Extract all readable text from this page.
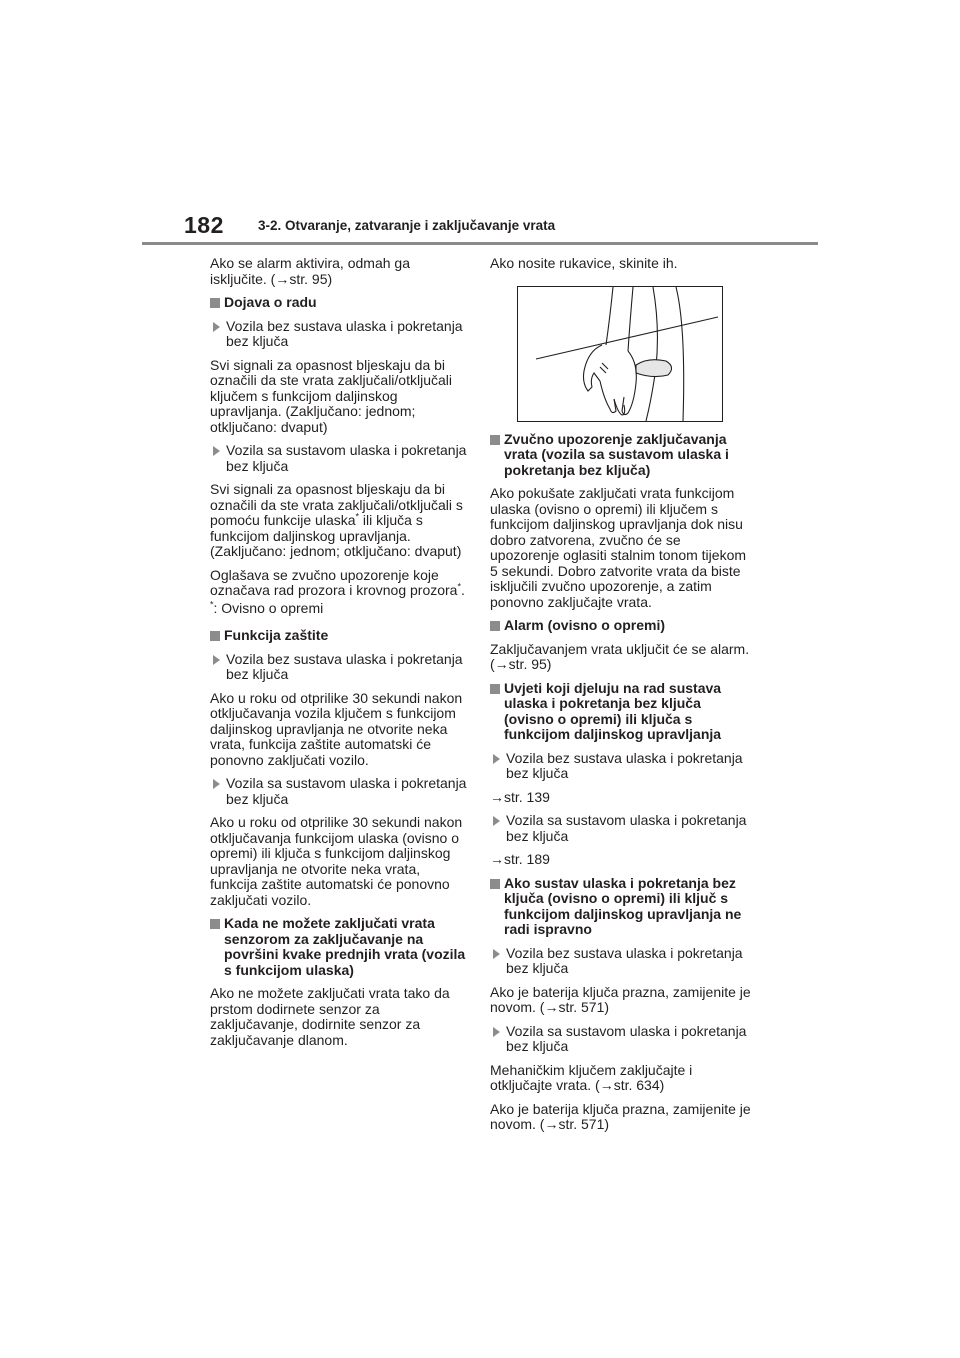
182	3-2. Otvaranje, zatvaranje i zaključavanje vrata

Ako se alarm aktivira, odmah ga isključite. (→str. 95)

Dojava o radu
Vozila bez sustava ulaska i pokretanja bez ključa

Svi signali za opasnost bljeskaju da bi označili da ste vrata zaključali/otključali ključem s funkcijom daljinskog upravljanja. (Zaključano: jednom; otključano: dvaput)

Vozila sa sustavom ulaska i pokretanja bez ključa

Svi signali za opasnost bljeskaju da bi označili da ste vrata zaključali/otključali s pomoću funkcije ulaska* ili ključa s funkcijom daljinskog upravljanja. (Zaključano: jednom; otključano: dvaput)

Oglašava se zvučno upozorenje koje označava rad prozora i krovnog prozora*.

*: Ovisno o opremi

Funkcija zaštite
Vozila bez sustava ulaska i pokretanja bez ključa

Ako u roku od otprilike 30 sekundi nakon otključavanja vozila ključem s funkcijom daljinskog upravljanja ne otvorite neka vrata, funkcija zaštite automatski će ponovno zaključati vozilo.

Vozila sa sustavom ulaska i pokretanja bez ključa

Ako u roku od otprilike 30 sekundi nakon otključavanja funkcijom ulaska (ovisno o opremi) ili ključa s funkcijom daljinskog upravljanja ne otvorite neka vrata, funkcija zaštite automatski će ponovno zaključati vozilo.

Kada ne možete zaključati vrata senzorom za zaključavanje na površini kvake prednjih vrata (vozila s funkcijom ulaska)

Ako ne možete zaključati vrata tako da prstom dodirnete senzor za zaključavanje, dodirnite senzor za zaključavanje dlanom.

Ako nosite rukavice, skinite ih.

Zvučno upozorenje zaključavanja vrata (vozila sa sustavom ulaska i pokretanja bez ključa)

Ako pokušate zaključati vrata funkcijom ulaska (ovisno o opremi) ili ključem s funkcijom daljinskog upravljanja dok nisu dobro zatvorena, zvučno će se upozorenje oglasiti stalnim tonom tijekom 5 sekundi. Dobro zatvorite vrata da biste isključili zvučno upozorenje, a zatim ponovno zaključajte vrata.

Alarm (ovisno o opremi)

Zaključavanjem vrata uključit će se alarm. (→str. 95)

Uvjeti koji djeluju na rad sustava ulaska i pokretanja bez ključa (ovisno o opremi) ili ključa s funkcijom daljinskog upravljanja
Vozila bez sustava ulaska i pokretanja bez ključa

→str. 139

Vozila sa sustavom ulaska i pokretanja bez ključa

→str. 189

Ako sustav ulaska i pokretanja bez ključa (ovisno o opremi) ili ključ s funkcijom daljinskog upravljanja ne radi ispravno
Vozila bez sustava ulaska i pokretanja bez ključa

Ako je baterija ključa prazna, zamijenite je novom. (→str. 571)

Vozila sa sustavom ulaska i pokretanja bez ključa

Mehaničkim ključem zaključajte i otključajte vrata. (→str. 634)

Ako je baterija ključa prazna, zamijenite je novom. (→str. 571)
